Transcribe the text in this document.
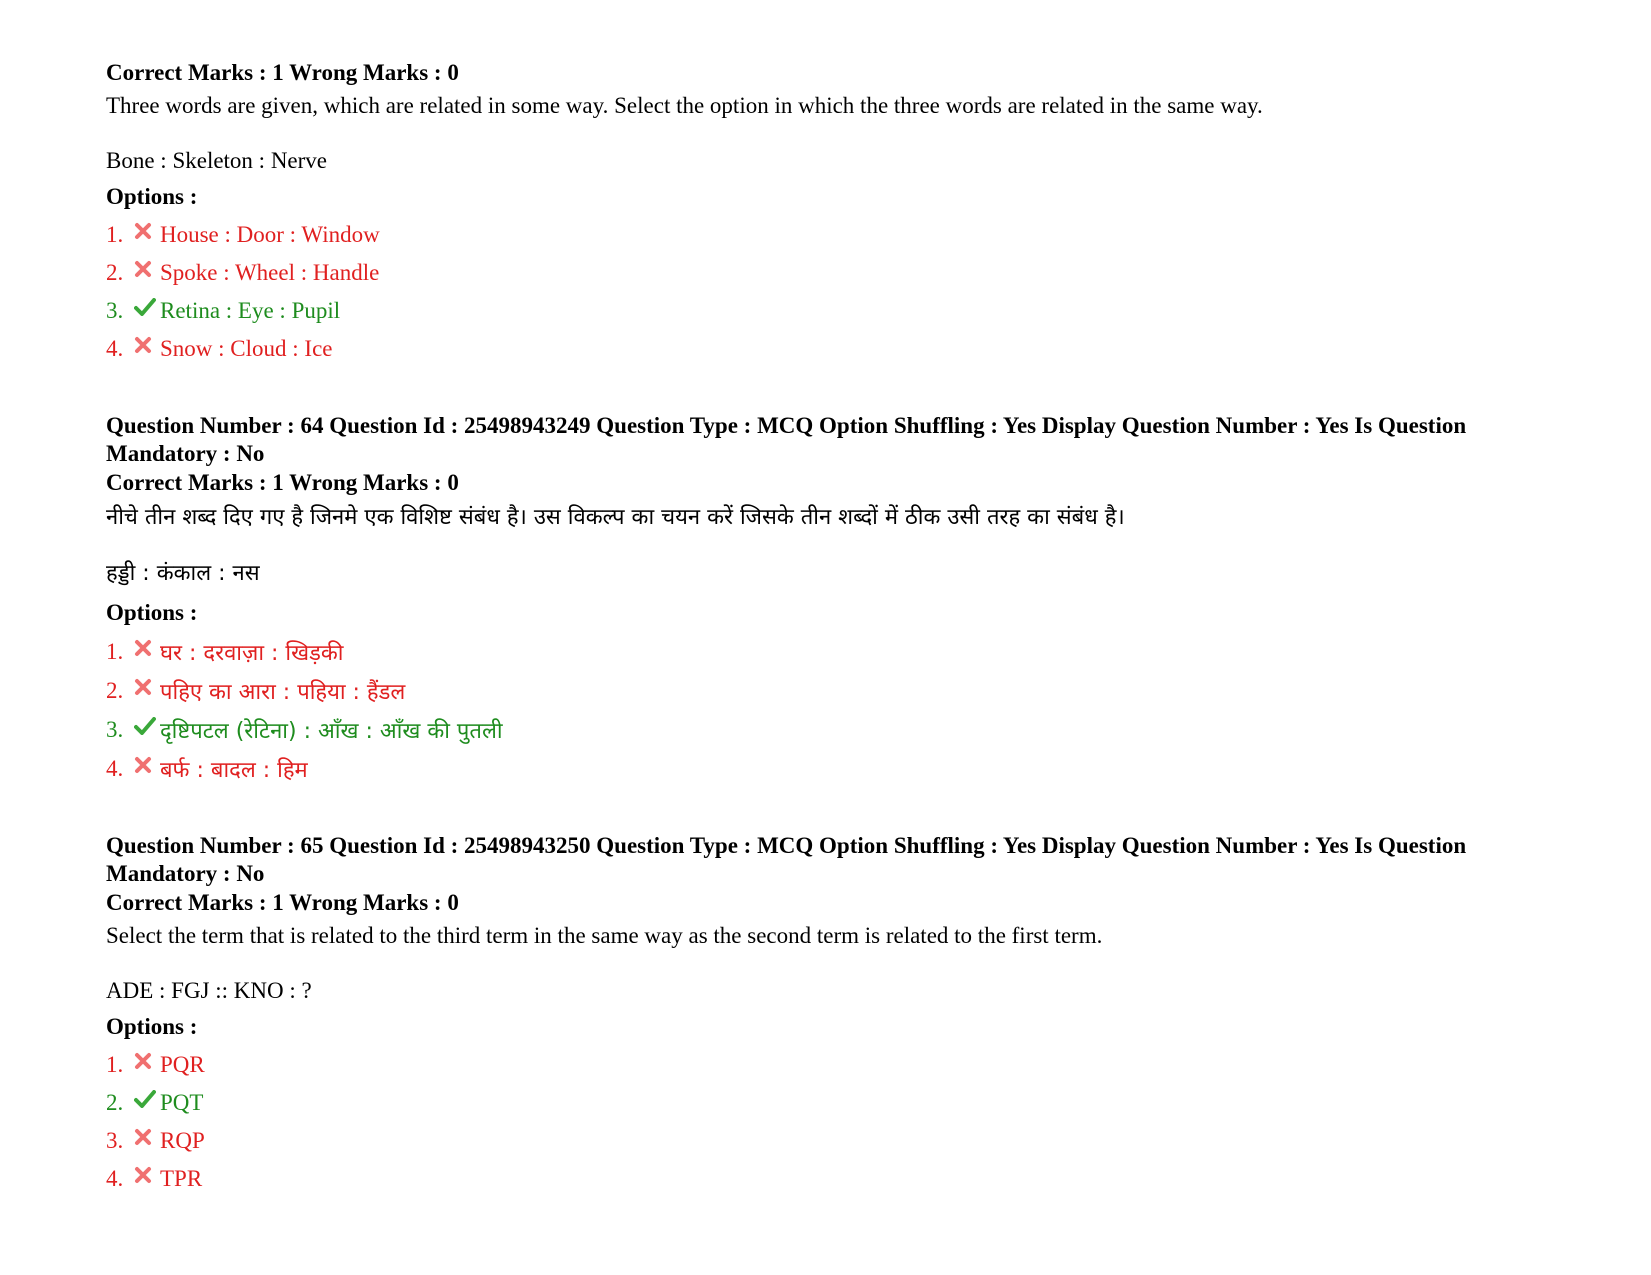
Correct Marks : 1 Wrong Marks : 0

Three words are given, which are related in some way. Select the option in which the three words are related in the same way.

Bone : Skeleton : Nerve

Options :

1.	House : Door : Window
2.	Spoke : Wheel : Handle
3.	Retina : Eye : Pupil
4.	Snow : Cloud : Ice

Question Number : 64 Question Id : 25498943249 Question Type : MCQ Option Shuffling : Yes Display Question Number : Yes Is Question Mandatory : No

Correct Marks : 1 Wrong Marks : 0

नीचे तीन शब्द दिए गए है जिनमे एक विशिष्ट संबंध है। उस विकल्प का चयन करें जिसके तीन शब्दों में ठीक उसी तरह का संबंध है।

हड्डी : कंकाल : नस

Options :

1.	घर : दरवाज़ा : खिड़की
2.	पहिए का आरा : पहिया : हैंडल
3.	दृष्टिपटल (रेटिना) : आँख : आँख की पुतली
4.	बर्फ : बादल : हिम

Question Number : 65 Question Id : 25498943250 Question Type : MCQ Option Shuffling : Yes Display Question Number : Yes Is Question Mandatory : No

Correct Marks : 1 Wrong Marks : 0

Select the term that is related to the third term in the same way as the second term is related to the first term.

ADE : FGJ :: KNO : ?

Options :

1.	PQR
2.	PQT
3.	RQP
4.	TPR
